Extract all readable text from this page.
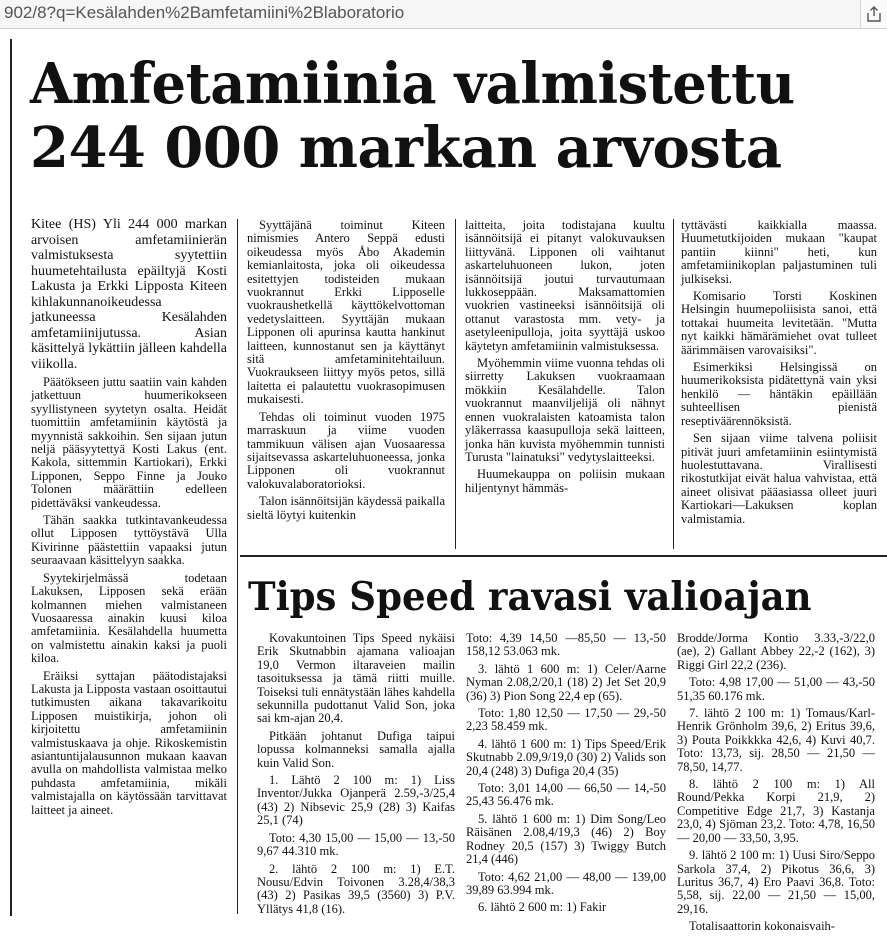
902/8?q=Kesälahden%2Bamfetamiini%2Blaboratorio
Amfetamiinia valmistettu
244 000 markan arvosta

Kitee (HS) Yli 244 000 markan arvoisen amfetamiinierän valmistuksesta syytettiin huumetehtailusta epäiltyjä Kosti Lakusta ja Erkki Lipposta Kiteen kihlakunnanoikeudessa jatkuneessa Kesälahden amfetamiinijutussa. Asian käsittelyä lykättiin jälleen kahdella viikolla.

Päätökseen juttu saatiin vain kahden jatkettuun huumerikokseen syyllistyneen syytetyn osalta. Heidät tuomittiin amfetamiinin käytöstä ja myynnistä sakkoihin. Sen sijaan jutun neljä pääsyytettyä Kosti Lakus (ent. Kakola, sittemmin Kartiokari), Erkki Lipponen, Seppo Finne ja Jouko Tolonen määrättiin edelleen pidettäväksi vankeudessa.

Tähän saakka tutkintavankeudessa ollut Lipposen tyttöystävä Ulla Kivirinne päästettiin vapaaksi jutun seuraavaan käsittelyyn saakka.

Syytekirjelmässä todetaan Lakuksen, Lipposen sekä erään kolmannen miehen valmistaneen Vuosaaressa ainakin kuusi kiloa amfetamiinia. Kesälahdella huumetta on valmistettu ainakin kaksi ja puoli kiloa.

Eräiksi syttajan päätodistajaksi Lakusta ja Lipposta vastaan osoittautui tutkimusten aikana takavarikoitu Lipposen muistikirja, johon oli kirjoitettu amfetamiinin valmistuskaava ja ohje. Rikoskemistin asiantuntijalausunnon mukaan kaavan avulla on mahdollista valmistaa melko puhdasta amfetamiinia, mikäli valmistajalla on käytössään tarvittavat laitteet ja aineet.

Syyttäjänä toiminut Kiteen nimismies Antero Seppä edusti oikeudessa myös Åbo Akademin kemianlaitosta, joka oli oikeudessa esitettyjen todisteiden mukaan vuokrannut Erkki Lipposelle vuokraushetkellä käyttökelvottoman vedetyslaitteen. Syyttäjän mukaan Lipponen oli apurinsa kautta hankinut laitteen, kunnostanut sen ja käyttänyt sitä amfetaminitehtailuun. Vuokraukseen liittyy myös petos, sillä laitetta ei palautettu vuokrasopimusen mukaisesti.

Tehdas oli toiminut vuoden 1975 marraskuun ja viime vuoden tammikuun välisen ajan Vuosaaressa sijaitsevassa askarteluhuoneessa, jonka Lipponen oli vuokrannut valokuvalaboratorioksi.

Talon isännöitsijän käydessä paikalla sieltä löytyi kuitenkin

laitteita, joita todistajana kuultu isännöitsijä ei pitanyt valokuvauksen liittyvänä. Lipponen oli vaihtanut askarteluhuoneen lukon, joten isännöitsijä joutui turvautumaan lukkoseppään. Maksamattomien vuokrien vastineeksi isännöitsijä oli ottanut varastosta mm. vety- ja asetyleenipulloja, joita syyttäjä uskoo käytetyn amfetamiinin valmistuksessa.

Myöhemmin viime vuonna tehdas oli siirretty Lakuksen vuokraamaan mökkiin Kesälahdelle. Talon vuokrannut maanviljelijä oli nähnyt ennen vuokralaisten katoamista talon yläkerrassa kaasupulloja sekä laitteen, jonka hän kuvista myöhemmin tunnisti Turusta "lainatuksi" vedytyslaitteeksi.

Huumekauppa on poliisin mukaan hiljentynyt hämmäs-

tyttävästi kaikkialla maassa. Huumetutkijoiden mukaan "kaupat pantiin kiinni" heti, kun amfetamiinikoplan paljastuminen tuli julkiseksi.

Komisario Torsti Koskinen Helsingin huumepoliisista sanoi, että tottakai huumeita levitetään. "Mutta nyt kaikki hämärämiehet ovat tulleet äärimmäisen varovaisiksi".

Esimerkiksi Helsingissä on huumerikoksista pidätettynä vain yksi henkilö — häntäkin epäillään suhteellisen pienistä reseptiväärennöksistä.

Sen sijaan viime talvena poliisit pitivät juuri amfetamiinin esiintymistä huolestuttavana. Virallisesti rikostutkijat eivät halua vahvistaa, että aineet olisivat pääasiassa olleet juuri Kartiokari—Lakuksen koplan valmistamia.

Tips Speed ravasi valioajan

Kovakuntoinen Tips Speed nykäisi Erik Skutnabbin ajamana valioajan 19,0 Vermon iltaraveien mailin tasoituksessa ja tämä riitti muille. Toiseksi tuli ennätystään lähes kahdella sekunnilla pudottanut Valid Son, joka sai km-ajan 20,4.

Pitkään johtanut Dufiga taipui lopussa kolmanneksi samalla ajalla kuin Valid Son.

1. Lähtö 2 100 m: 1) Liss Inventor/Jukka Ojanperä 2.59,-3/25,4 (43) 2) Nibsevic 25,9 (28) 3) Kaifas 25,1 (74)

Toto: 4,30 15,00 — 15,00 — 13,-50 9,67 44.310 mk.

2. lähtö 2 100 m: 1) E.T. Nousu/Edvin Toivonen 3.28,4/38,3 (43) 2) Pasikas 39,5 (3560) 3) P.V. Yllätys 41,8 (16).

Toto: 4,39 14,50 —85,50 — 13,-50 158,12 53.063 mk.

3. lähtö 1 600 m: 1) Celer/Aarne Nyman 2.08,2/20,1 (18) 2) Jet Set 20,9 (36) 3) Pion Song 22,4 ep (65).

Toto: 1,80 12,50 — 17,50 — 29,-50 2,23 58.459 mk.

4. lähtö 1 600 m: 1) Tips Speed/Erik Skutnabb 2.09,9/19,0 (30) 2) Valids son 20,4 (248) 3) Dufiga 20,4 (35)

Toto: 3,01 14,00 — 66,50 — 14,-50 25,43 56.476 mk.

5. lähtö 1 600 m: 1) Dim Song/Leo Räisänen 2.08,4/19,3 (46) 2) Boy Rodney 20,5 (157) 3) Twiggy Butch 21,4 (446)

Toto: 4,62 21,00 — 48,00 — 139,00 39,89 63.994 mk.

6. lähtö 2 600 m: 1) Fakir

Brodde/Jorma Kontio 3.33,-3/22,0 (ae), 2) Gallant Abbey 22,-2 (162), 3) Riggi Girl 22,2 (236).

Toto: 4,98 17,00 — 51,00 — 43,-50 51,35 60.176 mk.

7. lähtö 2 100 m: 1) Tomaus/Karl-Henrik Grönholm 39,6, 2) Eritus 39,6, 3) Pouta Poikkkka 42,6, 4) Kuvi 40,7. Toto: 13,73, sij. 28,50 — 21,50 — 78,50, 14,77.

8. lähtö 2 100 m: 1) All Round/Pekka Korpi 21,9, 2) Competitive Edge 21,7, 3) Kastanja 23,0, 4) Sjöman 23,2. Toto: 4,78, 16,50 — 20,00 — 33,50, 3,95.

9. lähtö 2 100 m: 1) Uusi Siro/Seppo Sarkola 37,4, 2) Pikotus 36,6, 3) Luritus 36,7, 4) Ero Paavi 36,8. Toto: 5,58, sij. 22,00 — 21,50 — 15,00, 29,16.

Totalisaattorin kokonaisvaih-
